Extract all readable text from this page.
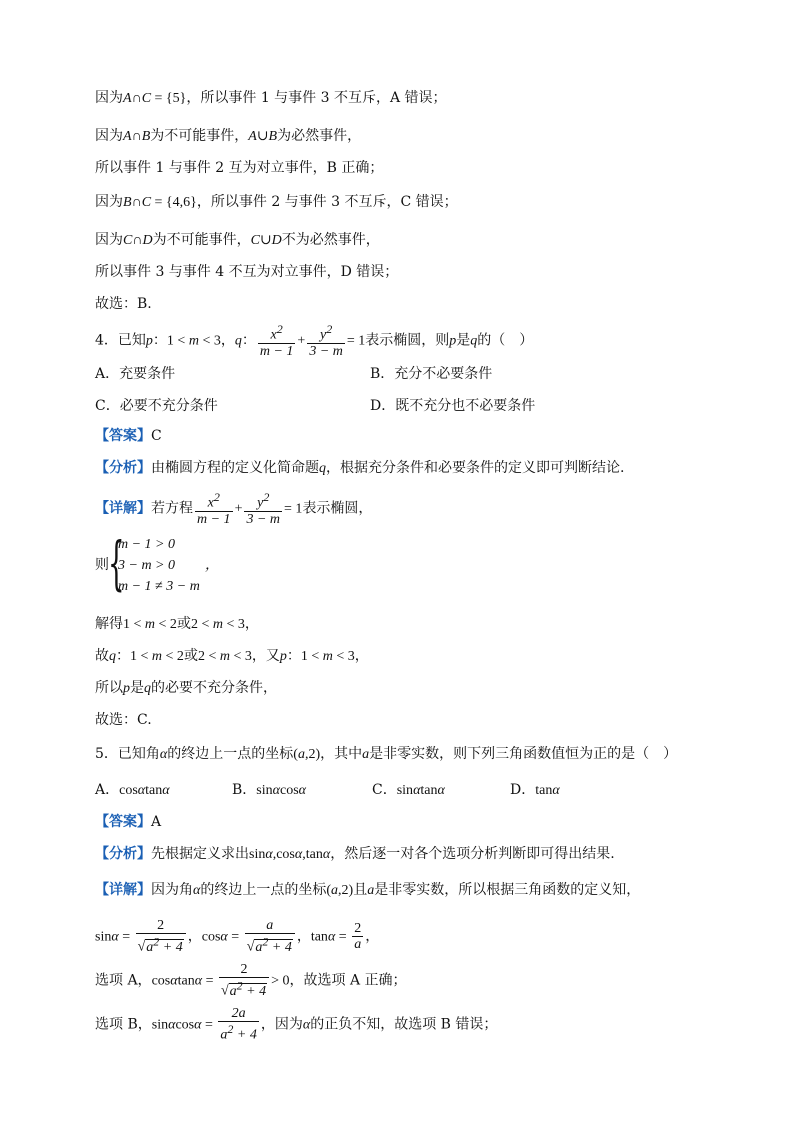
因为A∩C = {5}，所以事件 1 与事件 3 不互斥，A 错误；
因为A∩B为不可能事件，A∪B为必然事件，
所以事件 1 与事件 2 互为对立事件，B 正确；
因为B∩C = {4,6}，所以事件 2 与事件 3 不互斥，C 错误；
因为C∩D为不可能事件，C∪D不为必然事件，
所以事件 3 与事件 4 不互为对立事件，D 错误；
故选：B.
4．已知p：1 < m < 3，q： $\frac{x^2}{m - 1} + \frac{y^2}{3 - m} = 1$表示椭圆，则p是q的（　）
A．充要条件	B．充分不必要条件
C．必要不充分条件	D．既不充分也不必要条件
【答案】C
【分析】由椭圆方程的定义化简命题q，根据充分条件和必要条件的定义即可判断结论.
【详解】若方程 $\frac{x^2}{m - 1} + \frac{y^2}{3 - m} = 1$表示椭圆，
则 {
m − 1 > 0
3 − m > 0 ，
m − 1 ≠ 3 − m
解得1 < m < 2或2 < m < 3，
故q：1 < m < 2或2 < m < 3，又p：1 < m < 3，
所以p是q的必要不充分条件，
故选：C.
5．已知角α的终边上一点的坐标(a,2)，其中a是非零实数，则下列三角函数值恒为正的是（　）
A．cosαtanα	B．sinαcosα	C．sinαtanα	D．tanα
【答案】A
【分析】先根据定义求出sinα,cosα,tanα，然后逐一对各个选项分析判断即可得出结果.
【详解】因为角α的终边上一点的坐标(a,2)且a是非零实数，所以根据三角函数的定义知，
$\sin\alpha = \frac{2}{√a^2 + 4}$ ，$\cos\alpha = \frac{a}{√a^2 + 4}$ ，$\tan\alpha = \frac{2}{a}$ ，
选项 A，$\cos\alpha\tan\alpha = \frac{2}{√a^2 + 4} > 0$，故选项 A 正确；
选项 B，$\sin\alpha\cos\alpha = \frac{2a}{a^2 + 4}$ ，因为α的正负不知，故选项 B 错误；
